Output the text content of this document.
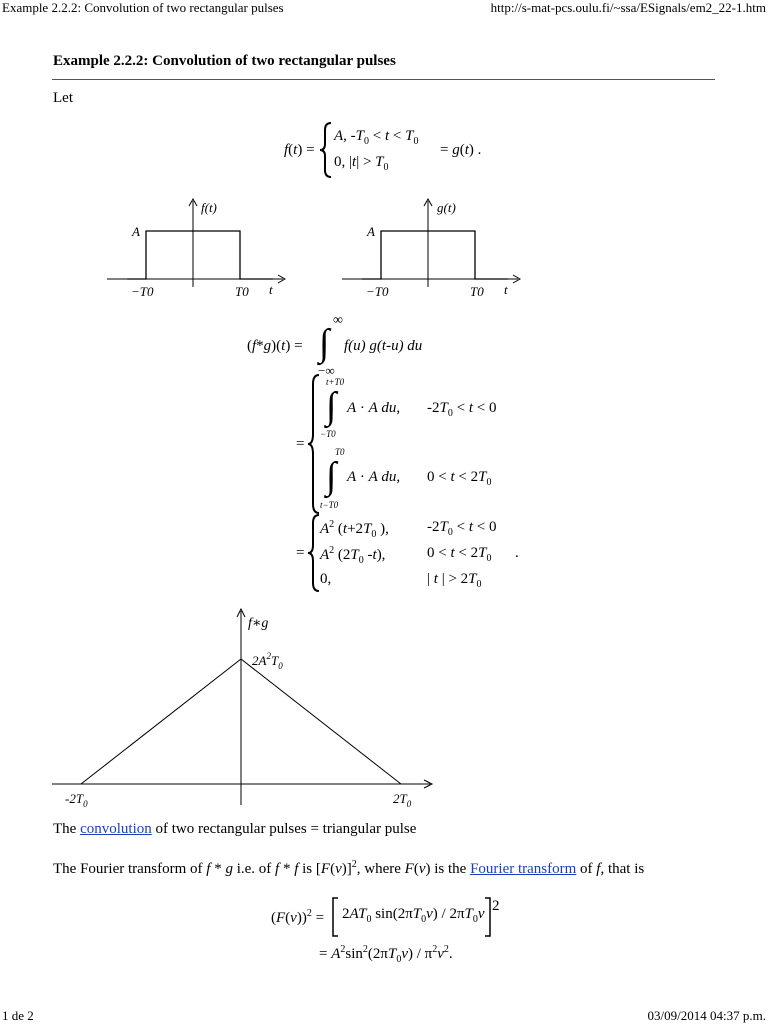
Example 2.2.2: Convolution of two rectangular pulses	http://s-mat-pcs.oulu.fi/~ssa/ESignals/em2_22-1.htm
Example 2.2.2: Convolution of two rectangular pulses
Let
f(t) =
A, $-T_0 < t < T_0$
0, $|t| > T_0$
= g(t) .
f(t)
A
−T0	T0 t
g(t)
A
−T0	T0 t
(f*g)(t) =
∞
∫
−∞
f(u) g(t-u) du
=
t+T0
∫
−T0
A · A du, $-2T_0 < t < 0$
T0
∫
t−T0
A · A du, $0 < t < 2T_0$
=
$A^2$ ($t+2T_0$ ),	$-2T_0 < t < 0$
$A^2$ ($2T_0$ -t),	$0 < t < 2T_0$ .
0,	| t | > $2T_0$
f∗g
$2A^2T_0$
$-2T_0$	$2T_0$
The convolution of two rectangular pulses = triangular pulse
The Fourier transform of f * g i.e. of f * f is $[F(v)]^2$, where F(v) is the Fourier transform of f, that is
$(F(v))^2 = 2AT_0$ $\sin(2\pi T_0v) / 2\pi T_0v$ 2
= $A^2\sin^2(2\pi T_0v) / \pi^2v^2$.
1 de 2	03/09/2014 04:37 p.m.
